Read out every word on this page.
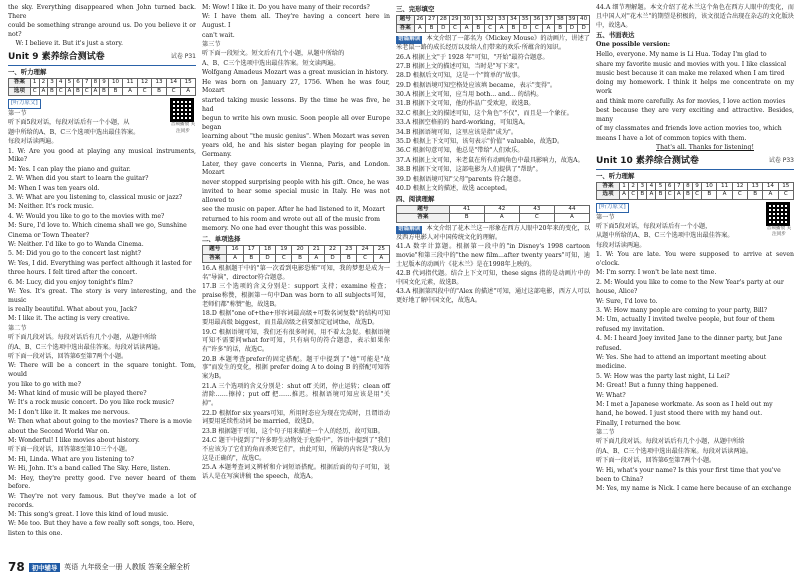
the sky. Everything disappeared when John turned back. There

could be something strange around us. Do you believe it or not?

W: I believe it. But it's just a story.

Unit 9 素养综合测试卷	试卷 P31
一、听力理解
答案	1	2	3	4	5	6	7	8	9	10	11	12	13	14	15
选项	C	A	B	C	A	B	C	A	B	B	A	C	B	C	A
[听力原文]
音频播放 关注同步

第一节

听下面5段对话，每段对话后有一个小题，从

题中所给的A、B、C三个选项中选出最佳答案。

每段对话读两遍。

1. W: Are you good at playing any musical instruments, Mike?

M: Yes. I can play the piano and guitar.

2. W: When did you start to learn the guitar?

M: When I was ten years old.

3. W: What are you listening to, classical music or jazz?

M: Neither. It's rock music.

4. W: Would you like to go to the movies with me?

M: Sure, I'd love to. Which cinema shall we go, Sunshine

Cinema or Town Theater?

W: Neither. I'd like to go to Wanda Cinema.

5. M: Did you go to the concert last night?

W: Yes, I did. Everything was perfect although it lasted for

three hours. I felt tired after the concert.

6. M: Lucy, did you enjoy tonight's film?

W: Yes. It's great. The story is very interesting, and the music

is really beautiful. What about you, Jack?

M: I like it. The acting is very creative.

第二节

听下面几段对话。每段对话后有几个小题，从题中所给

的A、B、C三个选项中选出最佳答案。每段对话读两遍。

听下面一段对话，回答第6至第7两个小题。

W: There will be a concert in the square tonight. Tom, would

you like to go with me?

M: What kind of music will be played there?

W: It's a rock music concert. Do you like rock music?

M: I don't like it. It makes me nervous.

W: Then what about going to the movies? There is a movie

about the Second World War on.

M: Wonderful! I like movies about history.

听下面一段对话，回答第8至第10三个小题。

M: Hi, Linda. What are you listening to?

W: Hi, John. It's a band called The Sky. Here, listen.

M: Hey, they're pretty good. I've never heard of them before.

W: They're not very famous. But they've made a lot of records.

M: This song's great. I love this kind of loud music.

W: Me too. But they have a few really soft songs, too. Here,

listen to this one.

M: Wow! I like it. Do you have many of their records?

W: I have them all. They're having a concert here in August. I

can't wait.

第三节

听下面一段短文。短文后有几个小题，从题中所给的

A、B、C三个选项中选出最佳答案。短文读两遍。

Wolfgang Amadeus Mozart was a great musician in history.

He was born on January 27, 1756. When he was four, Mozart

started taking music lessons. By the time he was five, he had

begun to write his own music. Soon people all over Europe began

learning about "the music genius". When Mozart was seven

years old, he and his sister began playing for people in Germany.

Later, they gave concerts in Vienna, Paris, and London. Mozart

never stopped surprising people with his gift. Once, he was

invited to hear some special music in Italy. He was not allowed to

see the music on paper. After he had listened to it, Mozart

returned to his room and wrote out all of the music from

memory. No one had ever thought this was possible.

二、单项选择
题号	16	17	18	19	20	21	22	23	24	25
答案	A	B	D	C	B	A	D	B	C	A

16.A 根据题干中的"第一次看到电影恐怖"可知，我的梦想是成为一名"导演"，director符合题意。

17.B 三个选项的含义分别是：support 支持；examine 检查；praise称赞，根据第一句中Dan was born to all subjects可知，老师们都"称赞"他，故选B。

18.D 根据"one of+the+形容词最高级+可数名词复数"的结构可知要用最高级 biggest，而且最高级之前要加定冠词the，故选D。

19.C 根据语境可知，我们还有很多时间，用不着太急促。根据语境可知不需要问what for可知，只有病句的符合题意，表示如果你有"许多"的话，故选C。

20.B 本题考查prefer的固定搭配。题干中提到了"她"可能是"故事"而发生的变化，根据 prefer doing A to doing B 的搭配可知答案为B。

21.A 三个选项的含义分别是：shut off 关闭，停止运转；clean off 清除……擦掉；put off 把……推迟。根据语境可知应该是用"关掉"。

22.D 根据for six years可知，所用时态应为现在完成时，且谓语动词要用延续性动词 be married，故选D。

23.B 根据题干可知，这个句子用来描述一个人的经历，故可知B。

24.C 题干中提到了"许多野生动物处于危险中"，答语中提到了"我们不应该为了它们的角而杀死它们"，由此可知，所缺的内容是"我认为这是正确的"，故选C。

25.A 本题考查词义辨析和介词短语搭配。根据后面的句子可知，说话人是在写演讲稿 the speech，故选A。

三、完形填空
题号	26	27	28	29	30	31	32	33	34	35	36	37	38	39	40
答案	A	B	D	C	A	B	C	A	B	D	C	A	B	D	D

语篇解读 本文介绍了一部名为《Mickey Mouse》的动画片，讲述了米老鼠一路的成长经历以及给人们带来的欢乐·所蕴含的知识。

26.A 根据上文"于 1928 年"可知，"开始"最符合题意。

27.B 根据上文的描述可知，当时是"写下来"。

28.D 根据后文可知，这是一个"简单的"故事。

29.D 根据语境可知空格处应该填 became，表示"变得"。

30.A 根据上文可知，应当用 both... and... 的结构。

31.B 根据下文可知，他的作品广受欢迎，故选B。

32.C 根据上文的描述可知，这个角色"不仅"，而且是一个象征。

33.A 根据空格前的 hard-working，可知选A。

34.B 根据语境可知，这里应该是指"成为"。

35.D 根据上下文可知，该句表示"价值" valuable，故选D。

36.C 根据句意可知，他总是"带给"人们欢乐。

37.A 根据上文可知，米老鼠在所有动画角色中最具影响力，故选A。

38.B 根据下文可知，这部电影为人们提供了"帮助"。

39.D 根据语境可知"父母"parents 符合题意。

40.D 根据上文的描述，故选 accepted。

四、阅读理解
题号	41	42	43	44
答案	B	A	C	A

语篇解读 本文介绍了花木兰这一形象在西方人眼中20年来的变化，以及西方电影人对中国传统文化的理解。

41.A 数字计算题。根据第一段中的"in Disney's 1998 cartoon movie"和第三段中的"the new film...after twenty years"可知，迪士尼版本的动画片《花木兰》是在1998年上映的。

42.B 代词指代题。结合上下文可知，these signs 指的是动画片中的中国文化元素，故选B。

43.A 根据第四段中的"Alex 的描述"可知，通过这部电影，西方人可以更好地了解中国文化，故选A。

44.A 细节理解题。本文介绍了花木兰这个角色在西方人眼中的变化，而且中国人对"花木兰"的期望是积极的，该文很适合出现在杂志的文化版块中，故选A。

五、书面表达

One possible version:

Hello, everyone. My name is Li Hua. Today I'm glad to

share my favorite music and movies with you. I like classical

music best because it can make me relaxed when I am tired

doing my homework. I think it helps me concentrate on my work

and think more carefully. As for movies, I love action movies

best because they are very exciting and attractive. Besides, many

of my classmates and friends love action movies too, which

means I have a lot of common topics with them.

That's all. Thanks for listening!

Unit 10 素养综合测试卷	试卷 P33
一、听力理解
答案	1	2	3	4	5	6	7	8	9	10	11	12	13	14	15
选项	A	C	B	A	B	C	A	B	C	B	A	C	B	A	C
[听力原文]
音频播放 关注同步

第一节

听下面5段对话，每段对话后有一个小题，

从题中所给的A、B、C三个选项中选出最佳答案。

每段对话读两遍。

1. W: You are late. You were supposed to arrive at seven o'clock.

M: I'm sorry. I won't be late next time.

2. M: Would you like to come to the New Year's party at our

house, Alice?

W: Sure, I'd love to.

3. W: How many people are coming to your party, Bill?

M: Um, actually I invited twelve people, but four of them

refused my invitation.

4. M: I heard Joey invited Jane to the dinner party, but Jane

refused.

W: Yes. She had to attend an important meeting about

medicine.

5. W: How was the party last night, Li Lei?

M: Great! But a funny thing happened.

W: What?

M: I met a Japanese workmate. As soon as I held out my

hand, he bowed. I just stood there with my hand out.

Finally, I returned the bow.

第二节

听下面几段对话。每段对话后有几个小题，从题中所给

的A、B、C三个选项中选出最佳答案。每段对话读两遍。

听下面一段对话，回答第6至第7两个小题。

W: Hi, what's your name? Is this your first time that you've

been to China?

M: Yes, my name is Nick. I came here because of an exchange

78	初中辅导	英语 九年级全一册 人教版 答案全解全析
